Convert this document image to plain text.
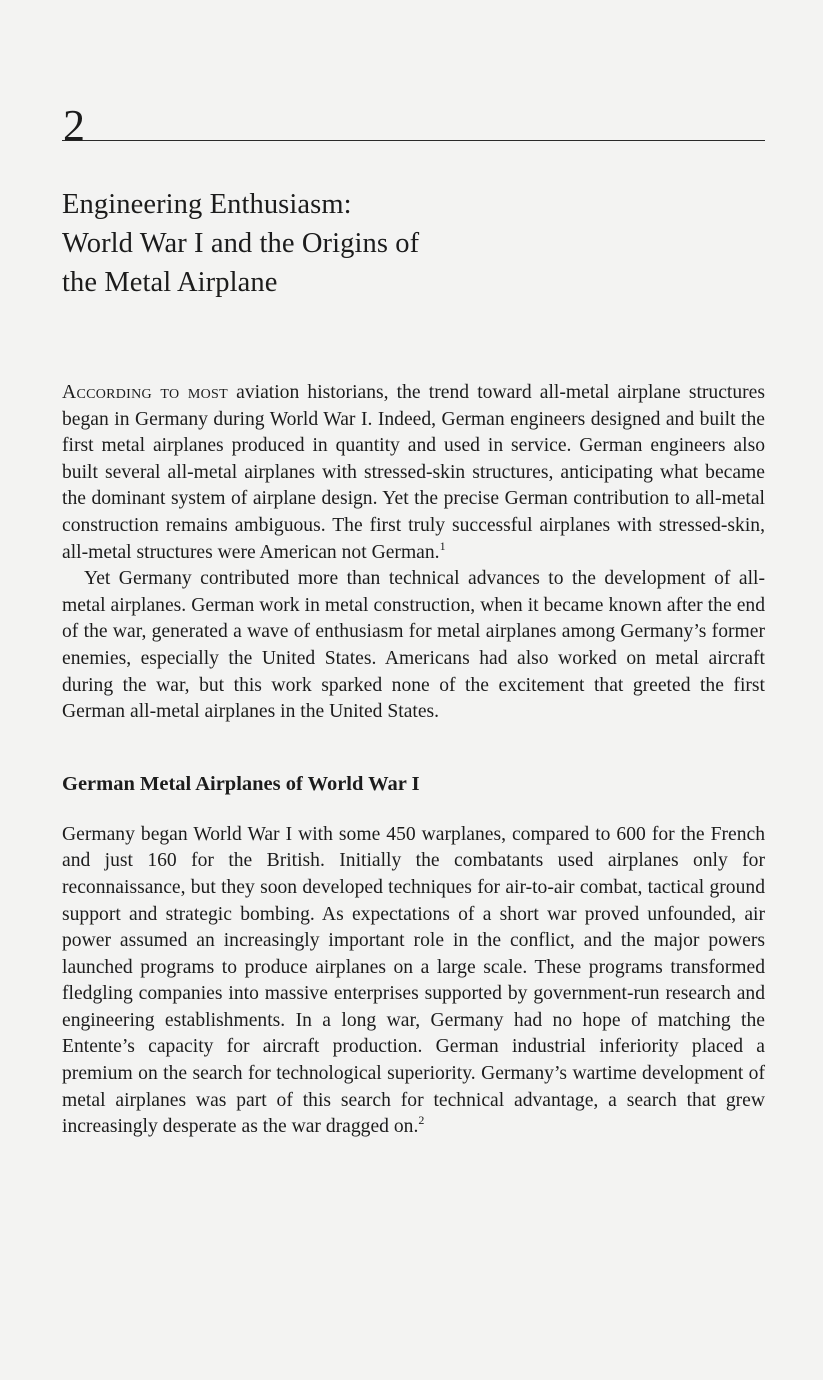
2
Engineering Enthusiasm:
World War I and the Origins of
the Metal Airplane

According to most aviation historians, the trend toward all-metal airplane structures began in Germany during World War I. Indeed, German engineers designed and built the first metal airplanes produced in quantity and used in service. German engineers also built several all-metal airplanes with stressed-skin structures, anticipating what became the dominant system of airplane design. Yet the precise German contribution to all-metal construction remains ambiguous. The first truly successful airplanes with stressed-skin, all-metal structures were American not German.$^1$

Yet Germany contributed more than technical advances to the development of all-metal airplanes. German work in metal construction, when it became known after the end of the war, generated a wave of enthusiasm for metal airplanes among Germany’s former enemies, especially the United States. Americans had also worked on metal aircraft during the war, but this work sparked none of the excitement that greeted the first German all-metal airplanes in the United States.

German Metal Airplanes of World War I

Germany began World War I with some 450 warplanes, compared to 600 for the French and just 160 for the British. Initially the combatants used airplanes only for reconnaissance, but they soon developed techniques for air-to-air combat, tactical ground support and strategic bombing. As expectations of a short war proved unfounded, air power assumed an increasingly important role in the conflict, and the major powers launched programs to produce airplanes on a large scale. These programs transformed fledgling companies into massive enterprises supported by government-run research and engineering establishments. In a long war, Germany had no hope of matching the Entente’s capacity for aircraft production. German industrial inferiority placed a premium on the search for technological superiority. Germany’s wartime development of metal airplanes was part of this search for technical advantage, a search that grew increasingly desperate as the war dragged on.$^2$
